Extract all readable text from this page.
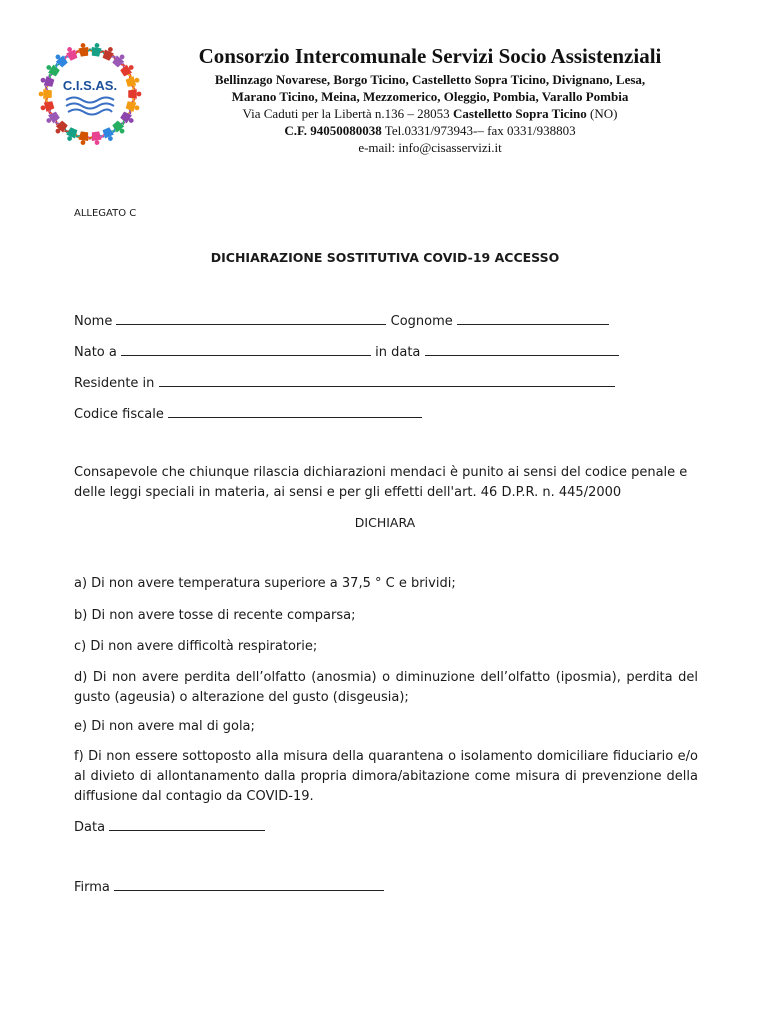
C.I.S.AS.
Consorzio Intercomunale Servizi Socio Assistenziali
Bellinzago Novarese, Borgo Ticino, Castelletto Sopra Ticino, Divignano, Lesa,
Marano Ticino, Meina, Mezzomerico, Oleggio, Pombia, Varallo Pombia
Via Caduti per la Libertà n.136 – 28053 Castelletto Sopra Ticino (NO)
C.F. 94050080038 Tel.0331/973943-– fax 0331/938803
e-mail: info@cisasservizi.it
ALLEGATO C
DICHIARAZIONE SOSTITUTIVA COVID-19 ACCESSO
Nome	Cognome
Nato a	in data
Residente in
Codice fiscale
Consapevole che chiunque rilascia dichiarazioni mendaci è punito ai sensi del codice penale e delle leggi speciali in materia, ai sensi e per gli effetti dell'art. 46 D.P.R. n. 445/2000
DICHIARA
a) Di non avere temperatura superiore a 37,5 ° C e brividi;
b) Di non avere tosse di recente comparsa;
c) Di non avere difficoltà respiratorie;
d) Di non avere perdita dell’olfatto (anosmia) o diminuzione dell’olfatto (iposmia), perdita del gusto (ageusia) o alterazione del gusto (disgeusia);
e) Di non avere mal di gola;
f) Di non essere sottoposto alla misura della quarantena o isolamento domiciliare fiduciario e/o al divieto di allontanamento dalla propria dimora/abitazione come misura di prevenzione della diffusione dal contagio da COVID-19.
Data
Firma
